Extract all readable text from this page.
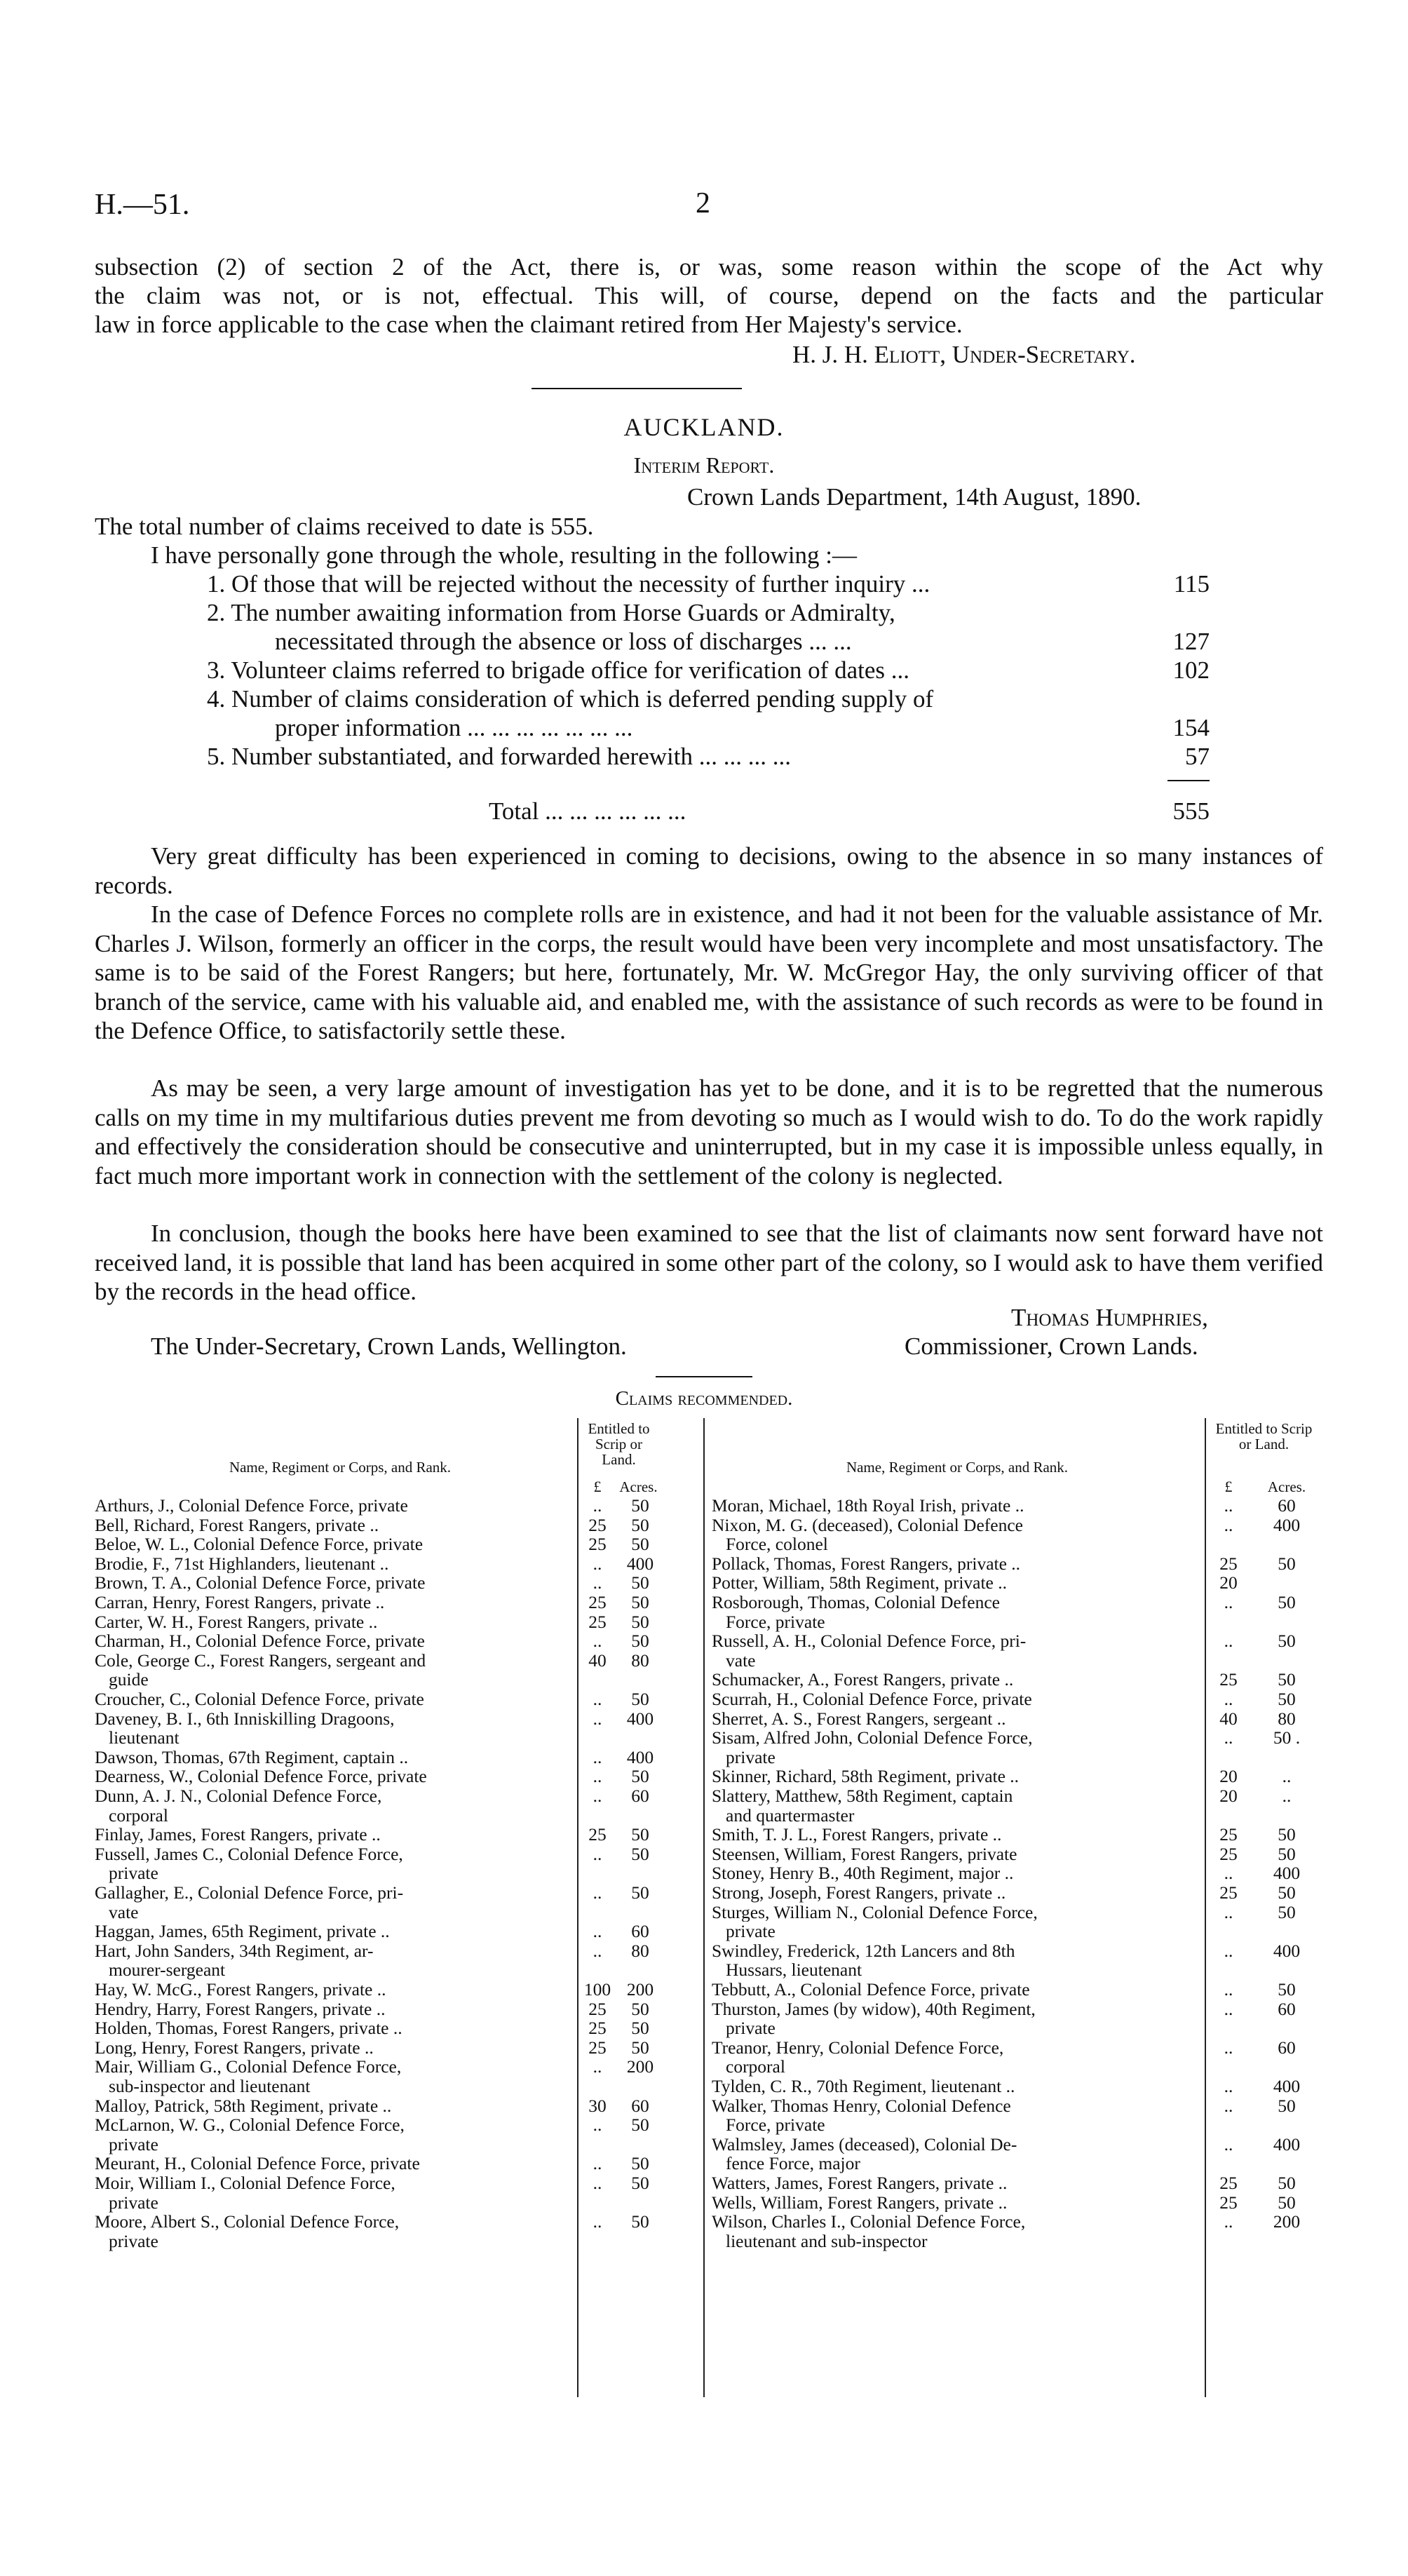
H.—51.	2
subsection (2) of section 2 of the Act, there is, or was, some reason within the scope of the Act why
the claim was not, or is not, effectual. This will, of course, depend on the facts and the particular
law in force applicable to the case when the claimant retired from Her Majesty's service.
H. J. H. Eliott, Under-Secretary.
AUCKLAND.
Interim Report.
Crown Lands Department, 14th August, 1890.
The total number of claims received to date is 555.
I have personally gone through the whole, resulting in the following :—
1. Of those that will be rejected without the necessity of further inquiry ...	115
2. The number awaiting information from Horse Guards or Admiralty,
necessitated through the absence or loss of discharges ... ...	127
3. Volunteer claims referred to brigade office for verification of dates ...	102
4. Number of claims consideration of which is deferred pending supply of
proper information ... ... ... ... ... ... ...	154
5. Number substantiated, and forwarded herewith ... ... ... ...	57
Total ... ... ... ... ... ...	555
Very great difficulty has been experienced in coming to decisions, owing to the absence in so many instances of records.
In the case of Defence Forces no complete rolls are in existence, and had it not been for the valuable assistance of Mr. Charles J. Wilson, formerly an officer in the corps, the result would have been very incomplete and most unsatisfactory. The same is to be said of the Forest Rangers; but here, fortunately, Mr. W. McGregor Hay, the only surviving officer of that branch of the service, came with his valuable aid, and enabled me, with the assistance of such records as were to be found in the Defence Office, to satisfactorily settle these.
As may be seen, a very large amount of investigation has yet to be done, and it is to be regretted that the numerous calls on my time in my multifarious duties prevent me from devoting so much as I would wish to do. To do the work rapidly and effectively the consideration should be consecutive and uninterrupted, but in my case it is impossible unless equally, in fact much more important work in connection with the settlement of the colony is neglected.
In conclusion, though the books here have been examined to see that the list of claimants now sent forward have not received land, it is possible that land has been acquired in some other part of the colony, so I would ask to have them verified by the records in the head office.
Thomas Humphries,
The Under-Secretary, Crown Lands, Wellington.	Commissioner, Crown Lands.
Claims recommended.
Name, Regiment or Corps, and Rank.
Entitled to Scrip or Land.
£	Acres.
Name, Regiment or Corps, and Rank.
Entitled to Scrip or Land.
£	Acres.
Arthurs, J., Colonial Defence Force, private	..	50
Bell, Richard, Forest Rangers, private ..	25	50
Beloe, W. L., Colonial Defence Force, private	25	50
Brodie, F., 71st Highlanders, lieutenant ..	..	400
Brown, T. A., Colonial Defence Force, private	..	50
Carran, Henry, Forest Rangers, private ..	25	50
Carter, W. H., Forest Rangers, private ..	25	50
Charman, H., Colonial Defence Force, private	..	50
Cole, George C., Forest Rangers, sergeant and
guide
40	80
Croucher, C., Colonial Defence Force, private	..	50
Daveney, B. I., 6th Inniskilling Dragoons,
lieutenant
..	400
Dawson, Thomas, 67th Regiment, captain ..	..	400
Dearness, W., Colonial Defence Force, private	..	50
Dunn, A. J. N., Colonial Defence Force,
corporal
..	60
Finlay, James, Forest Rangers, private ..	25	50
Fussell, James C., Colonial Defence Force,
private
..	50
Gallagher, E., Colonial Defence Force, pri-
vate
..	50
Haggan, James, 65th Regiment, private ..	..	60
Hart, John Sanders, 34th Regiment, ar-
mourer-sergeant
..	80
Hay, W. McG., Forest Rangers, private ..	100 200
Hendry, Harry, Forest Rangers, private ..	25	50
Holden, Thomas, Forest Rangers, private ..	25	50
Long, Henry, Forest Rangers, private ..	25	50
Mair, William G., Colonial Defence Force,
sub-inspector and lieutenant
..	200
Malloy, Patrick, 58th Regiment, private ..	30	60
McLarnon, W. G., Colonial Defence Force,
private
..	50
Meurant, H., Colonial Defence Force, private	..	50
Moir, William I., Colonial Defence Force,
private
..	50
Moore, Albert S., Colonial Defence Force,
private
..	50
Moran, Michael, 18th Royal Irish, private ..	..	60
Nixon, M. G. (deceased), Colonial Defence
Force, colonel
..	400
Pollack, Thomas, Forest Rangers, private ..	25	50
Potter, William, 58th Regiment, private ..	20
Rosborough, Thomas, Colonial Defence
Force, private
..	50
Russell, A. H., Colonial Defence Force, pri-
vate
..	50
Schumacker, A., Forest Rangers, private ..	25	50
Scurrah, H., Colonial Defence Force, private	..	50
Sherret, A. S., Forest Rangers, sergeant ..	40	80
Sisam, Alfred John, Colonial Defence Force,
private
..	50 .
Skinner, Richard, 58th Regiment, private ..	20	..
Slattery, Matthew, 58th Regiment, captain
and quartermaster
20	..
Smith, T. J. L., Forest Rangers, private ..	25	50
Steensen, William, Forest Rangers, private	25	50
Stoney, Henry B., 40th Regiment, major ..	..	400
Strong, Joseph, Forest Rangers, private ..	25	50
Sturges, William N., Colonial Defence Force,
private
..	50
Swindley, Frederick, 12th Lancers and 8th
Hussars, lieutenant
..	400
Tebbutt, A., Colonial Defence Force, private	..	50
Thurston, James (by widow), 40th Regiment,
private
..	60
Treanor, Henry, Colonial Defence Force,
corporal
..	60
Tylden, C. R., 70th Regiment, lieutenant ..	..	400
Walker, Thomas Henry, Colonial Defence
Force, private
..	50
Walmsley, James (deceased), Colonial De-
fence Force, major
..	400
Watters, James, Forest Rangers, private ..	25	50
Wells, William, Forest Rangers, private ..	25	50
Wilson, Charles I., Colonial Defence Force,
lieutenant and sub-inspector
..	200
